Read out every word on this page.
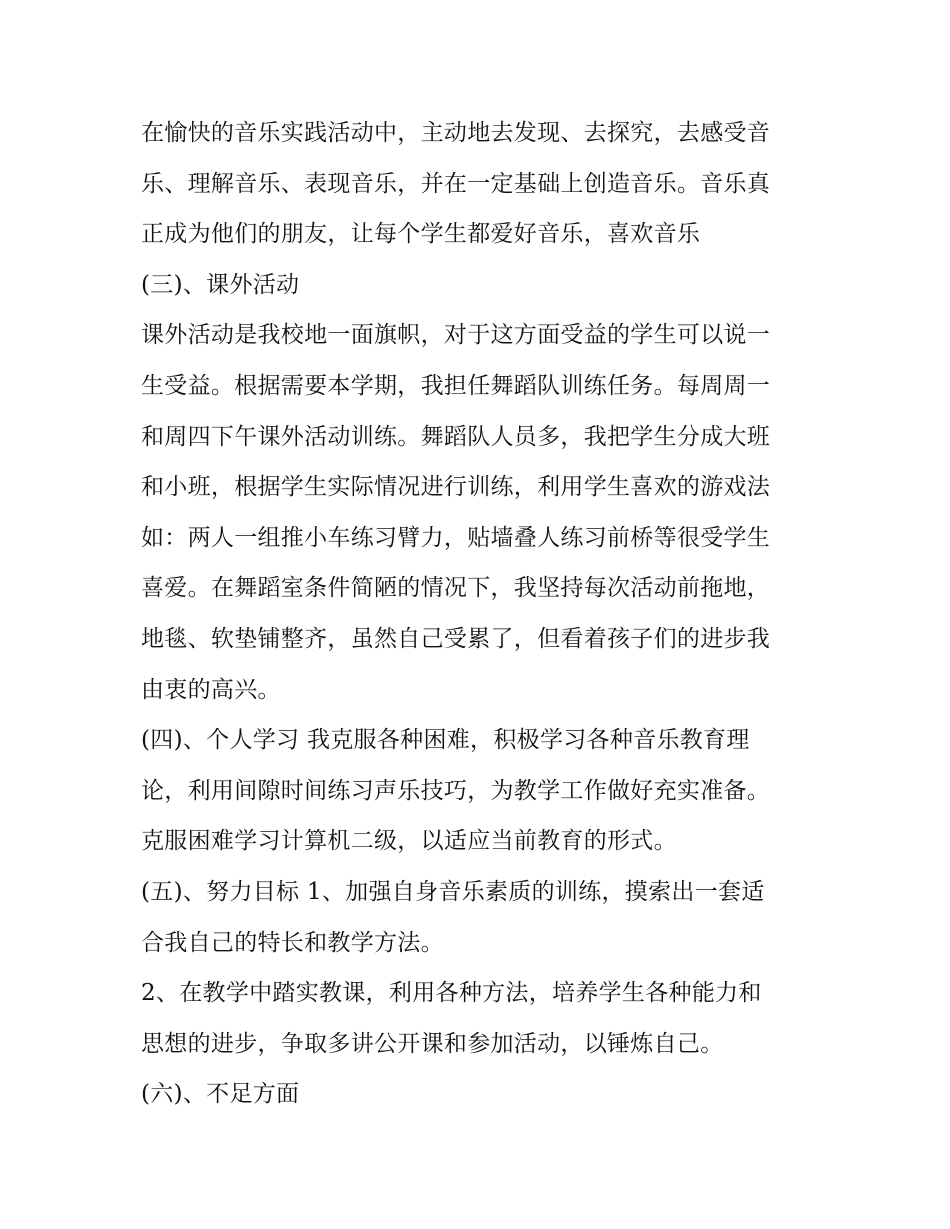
在愉快的音乐实践活动中，主动地去发现、去探究，去感受音
乐、理解音乐、表现音乐，并在一定基础上创造音乐。音乐真
正成为他们的朋友，让每个学生都爱好音乐，喜欢音乐
(三)、课外活动
课外活动是我校地一面旗帜，对于这方面受益的学生可以说一
生受益。根据需要本学期，我担任舞蹈队训练任务。每周周一
和周四下午课外活动训练。舞蹈队人员多，我把学生分成大班
和小班，根据学生实际情况进行训练，利用学生喜欢的游戏法
如：两人一组推小车练习臂力，贴墙叠人练习前桥等很受学生
喜爱。在舞蹈室条件简陋的情况下，我坚持每次活动前拖地，
地毯、软垫铺整齐，虽然自己受累了，但看着孩子们的进步我
由衷的高兴。
(四)、个人学习 我克服各种困难，积极学习各种音乐教育理
论，利用间隙时间练习声乐技巧，为教学工作做好充实准备。
克服困难学习计算机二级，以适应当前教育的形式。
(五)、努力目标 1、加强自身音乐素质的训练，摸索出一套适
合我自己的特长和教学方法。
2、在教学中踏实教课，利用各种方法，培养学生各种能力和
思想的进步，争取多讲公开课和参加活动，以锤炼自己。
(六)、不足方面
